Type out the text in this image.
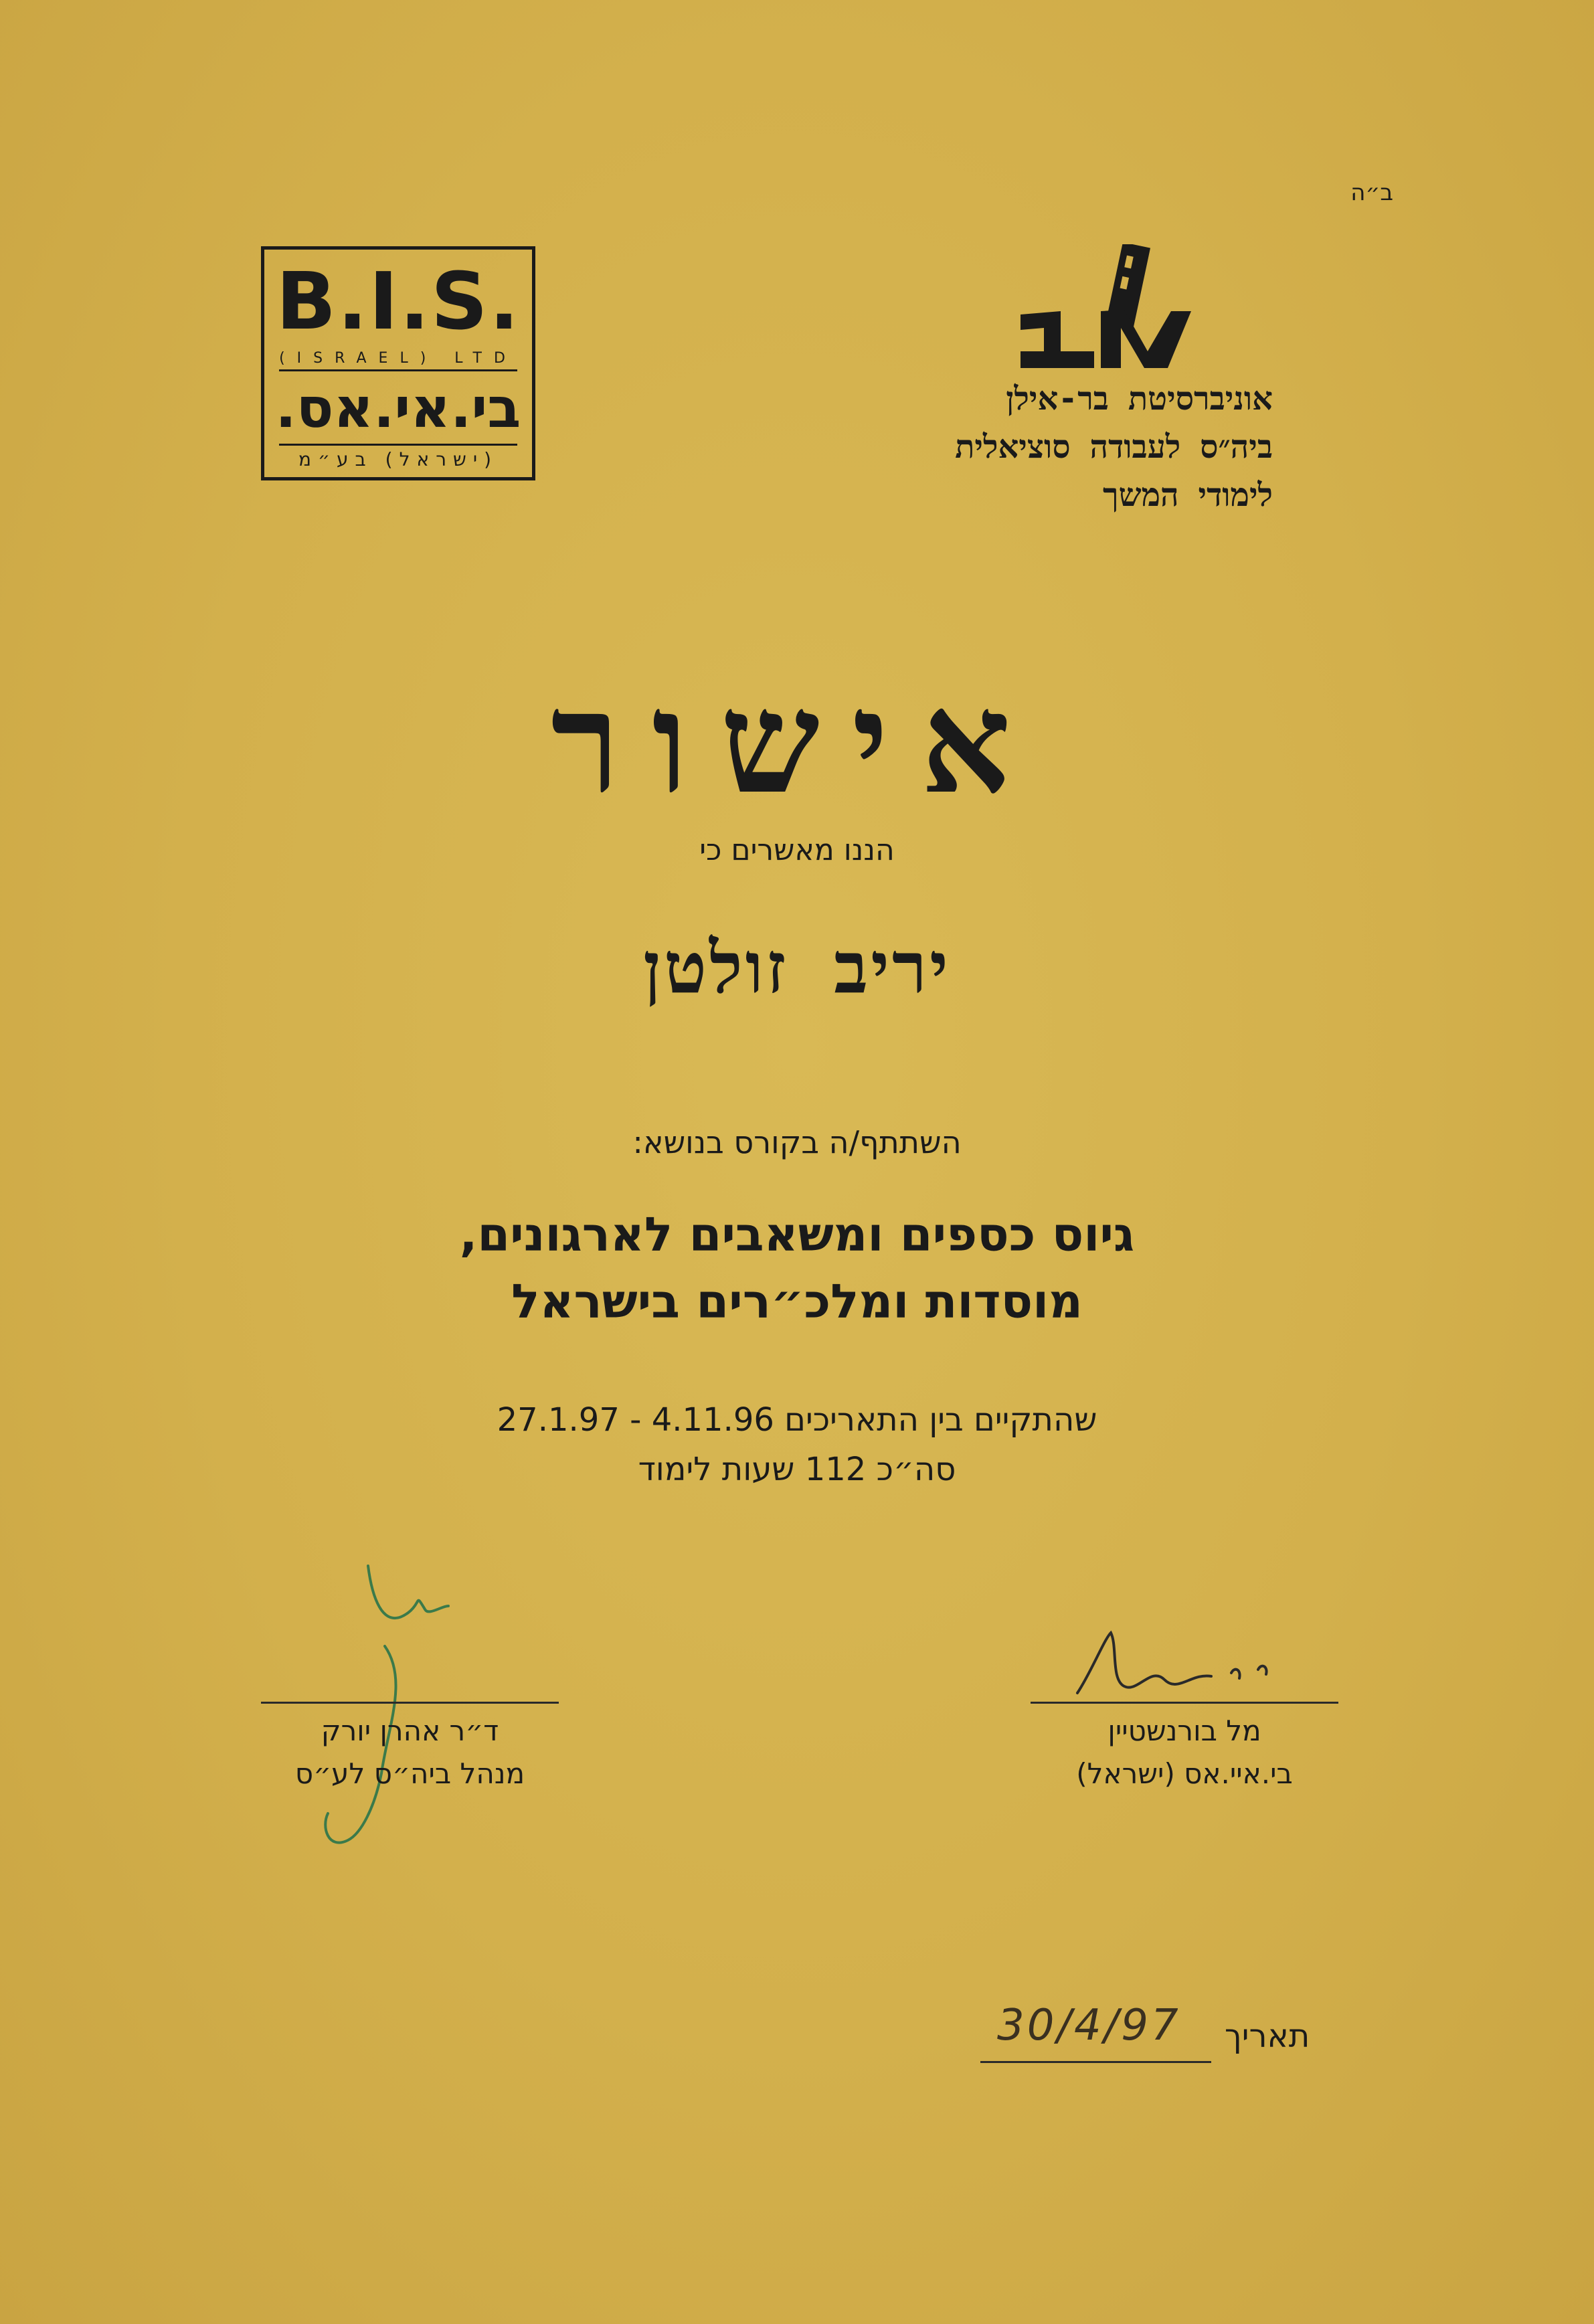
ב״ה
אוניברסיטת בר-אילן
ביה״ס לעבודה סוציאלית
לימודי המשך
B.I.S.
(ISRAEL) LTD
בי.אי.אס.
(ישראל) בע״מ
אישור
הננו מאשרים כי
יריב זולטן
השתתף/ה בקורס בנושא:
גיוס כספים ומשאבים לארגונים,
מוסדות ומלכ״רים בישראל
שהתקיים בין התאריכים 4.11.96 - 27.1.97
סה״כ 112 שעות לימוד
ד״ר אהרן יורק
מנהל ביה״ס לע״ס
מל בורנשטיין
בי.איי.אס (ישראל)
תאריך
30/4/97
